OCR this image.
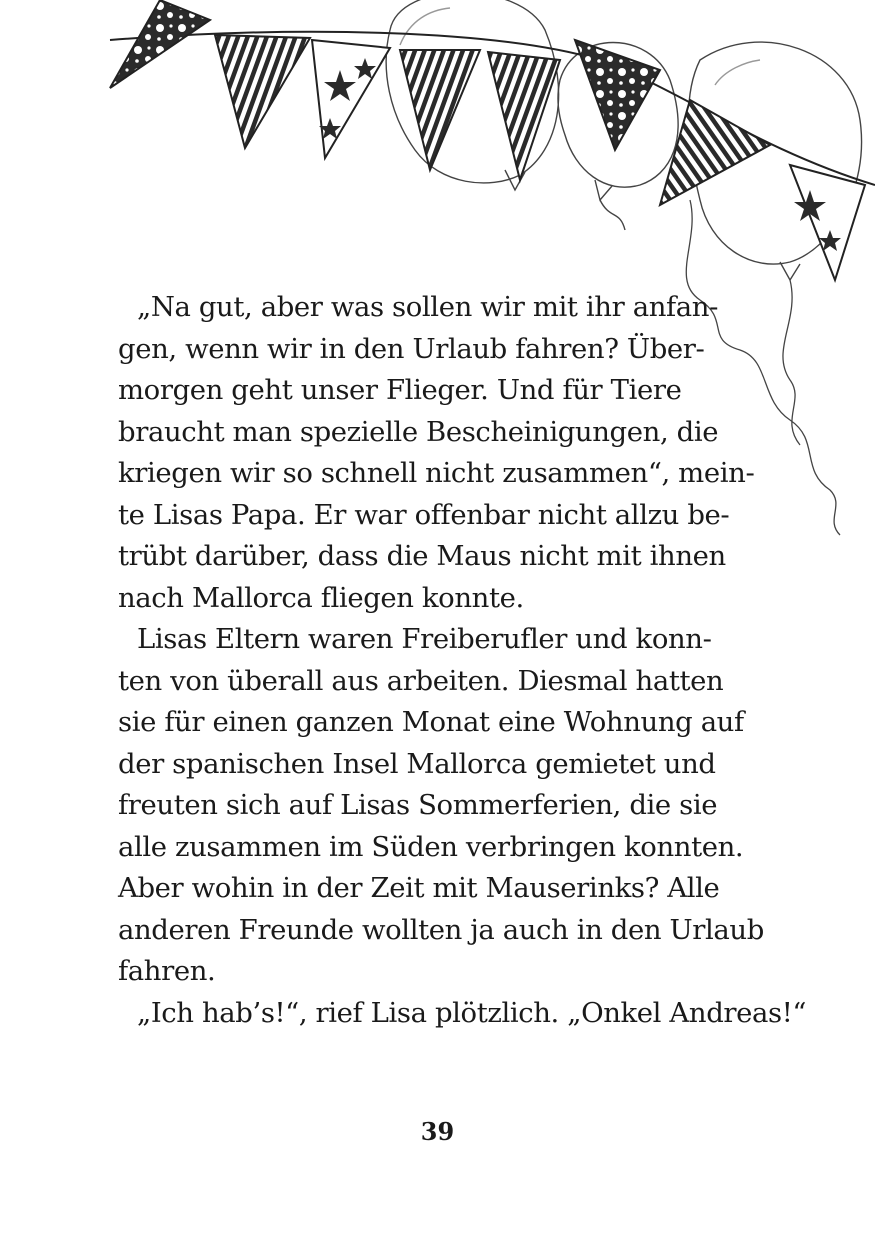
„Na gut, aber was sollen wir mit ihr anfan-
gen, wenn wir in den Urlaub fahren? Über-
morgen geht unser Flieger. Und für Tiere
braucht man spezielle Bescheinigungen, die
kriegen wir so schnell nicht zusammen“, mein-
te Lisas Papa. Er war offenbar nicht allzu be-
trübt darüber, dass die Maus nicht mit ihnen
nach Mallorca fliegen konnte.
Lisas Eltern waren Freiberufler und konn-
ten von überall aus arbeiten. Diesmal hatten
sie für einen ganzen Monat eine Wohnung auf
der spanischen Insel Mallorca gemietet und
freuten sich auf Lisas Sommerferien, die sie
alle zusammen im Süden verbringen konnten.
Aber wohin in der Zeit mit Mauserinks? Alle
anderen Freunde wollten ja auch in den Urlaub
fahren.
„Ich hab’s!“, rief Lisa plötzlich. „Onkel Andreas!“
39
